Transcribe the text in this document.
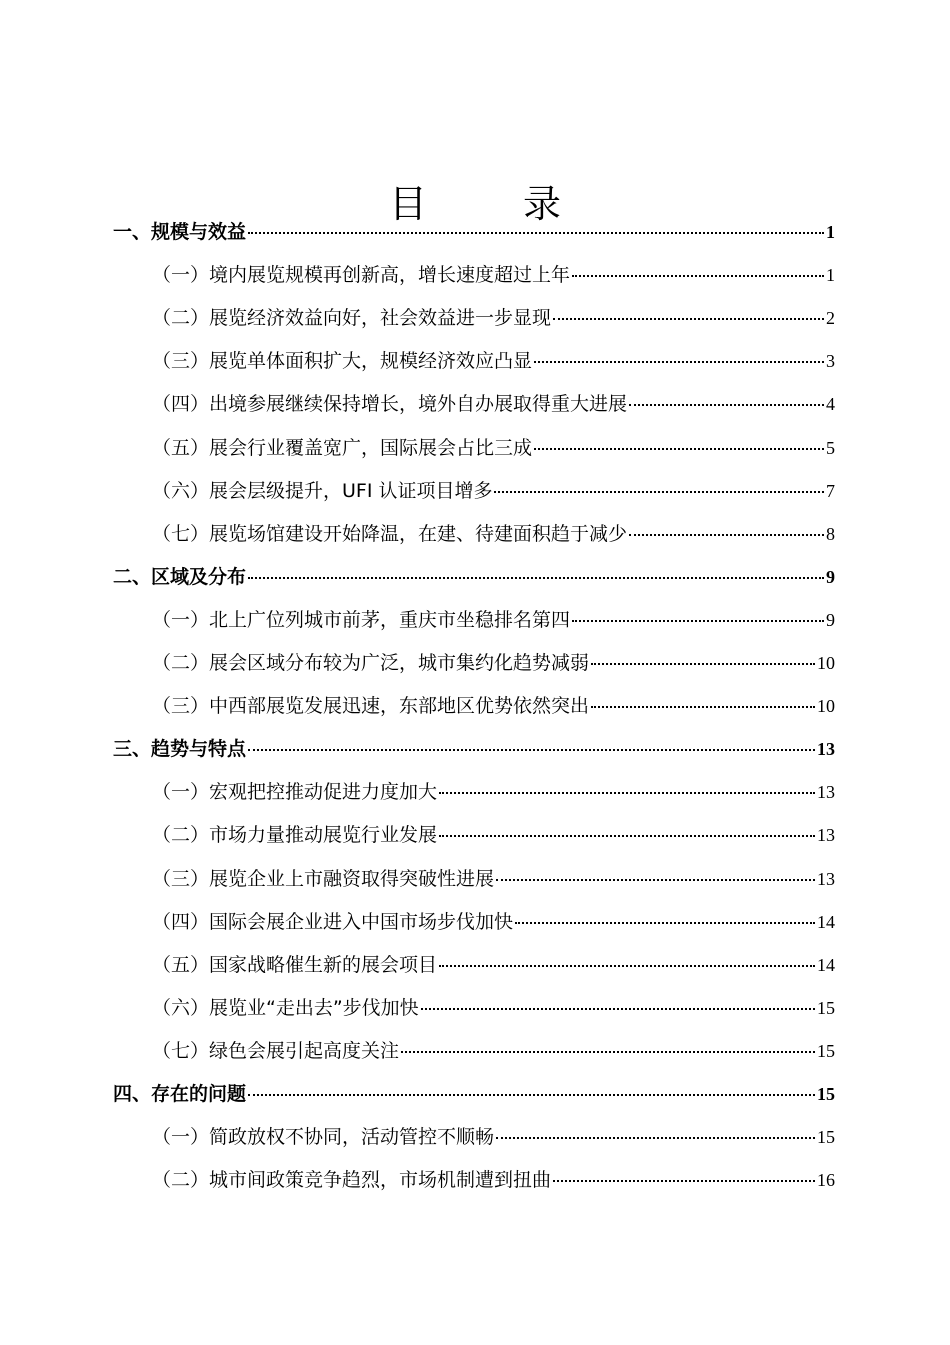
目 录
一、规模与效益	1
（一）境内展览规模再创新高，增长速度超过上年	1
（二）展览经济效益向好，社会效益进一步显现	2
（三）展览单体面积扩大，规模经济效应凸显	3
（四）出境参展继续保持增长，境外自办展取得重大进展	4
（五）展会行业覆盖宽广，国际展会占比三成	5
（六）展会层级提升，UFI 认证项目增多	7
（七）展览场馆建设开始降温，在建、待建面积趋于减少	8
二、区域及分布	9
（一）北上广位列城市前茅，重庆市坐稳排名第四	9
（二）展会区域分布较为广泛，城市集约化趋势减弱	10
（三）中西部展览发展迅速，东部地区优势依然突出	10
三、趋势与特点	13
（一）宏观把控推动促进力度加大	13
（二）市场力量推动展览行业发展	13
（三）展览企业上市融资取得突破性进展	13
（四）国际会展企业进入中国市场步伐加快	14
（五）国家战略催生新的展会项目	14
（六）展览业“走出去”步伐加快	15
（七）绿色会展引起高度关注	15
四、存在的问题	15
（一）简政放权不协同，活动管控不顺畅	15
（二）城市间政策竞争趋烈，市场机制遭到扭曲	16
